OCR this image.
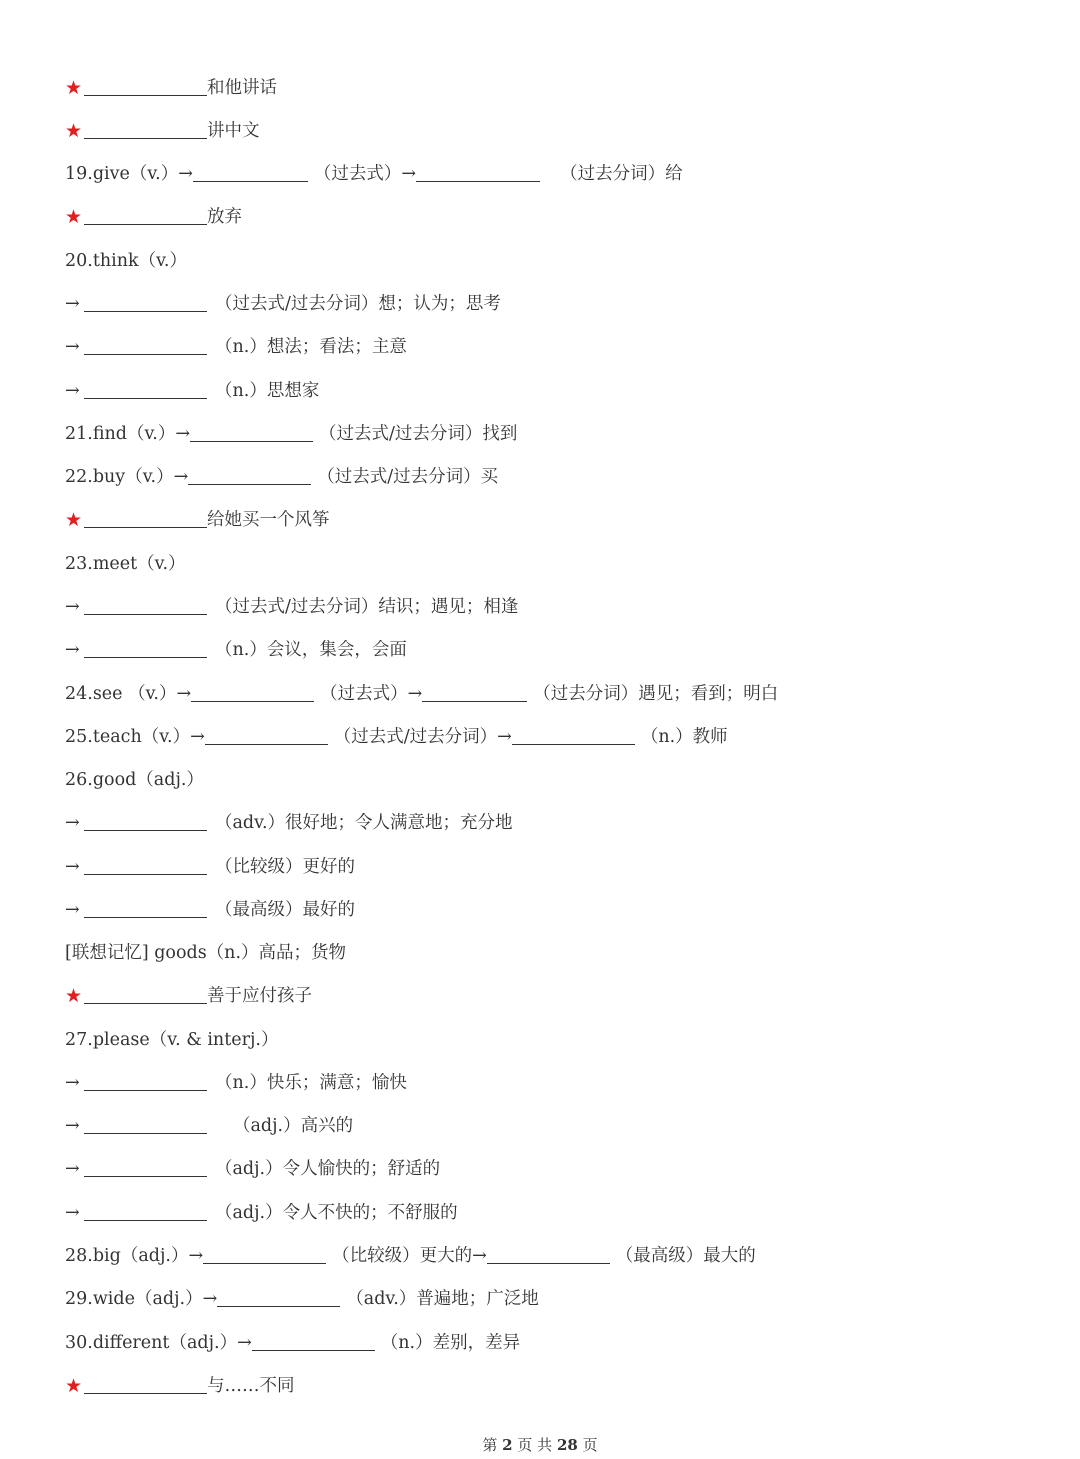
★	和他讲话
★	讲中文
19.give（v.）→	（过去式）→	（过去分词）给
★	放弃
20.think（v.）
→	（过去式/过去分词）想；认为；思考
→	（n.）想法；看法；主意
→	（n.）思想家
21.find（v.）→	（过去式/过去分词）找到
22.buy（v.）→	（过去式/过去分词）买
★	给她买一个风筝
23.meet（v.）
→	（过去式/过去分词）结识；遇见；相逢
→	（n.）会议，集会，会面
24.see （v.）→	（过去式）→	（过去分词）遇见；看到；明白
25.teach（v.）→	（过去式/过去分词）→	（n.）教师
26.good（adj.）
→	（adv.）很好地；令人满意地；充分地
→	（比较级）更好的
→	（最高级）最好的
[联想记忆] goods（n.）高品；货物
★	善于应付孩子
27.please（v. & interj.）
→	（n.）快乐；满意；愉快
→	（adj.）高兴的
→	（adj.）令人愉快的；舒适的
→	（adj.）令人不快的；不舒服的
28.big（adj.）→	（比较级）更大的→	（最高级）最大的
29.wide（adj.）→	（adv.）普遍地；广泛地
30.different（adj.）→	（n.）差别，差异
★	与……不同
第 2 页 共 28 页
